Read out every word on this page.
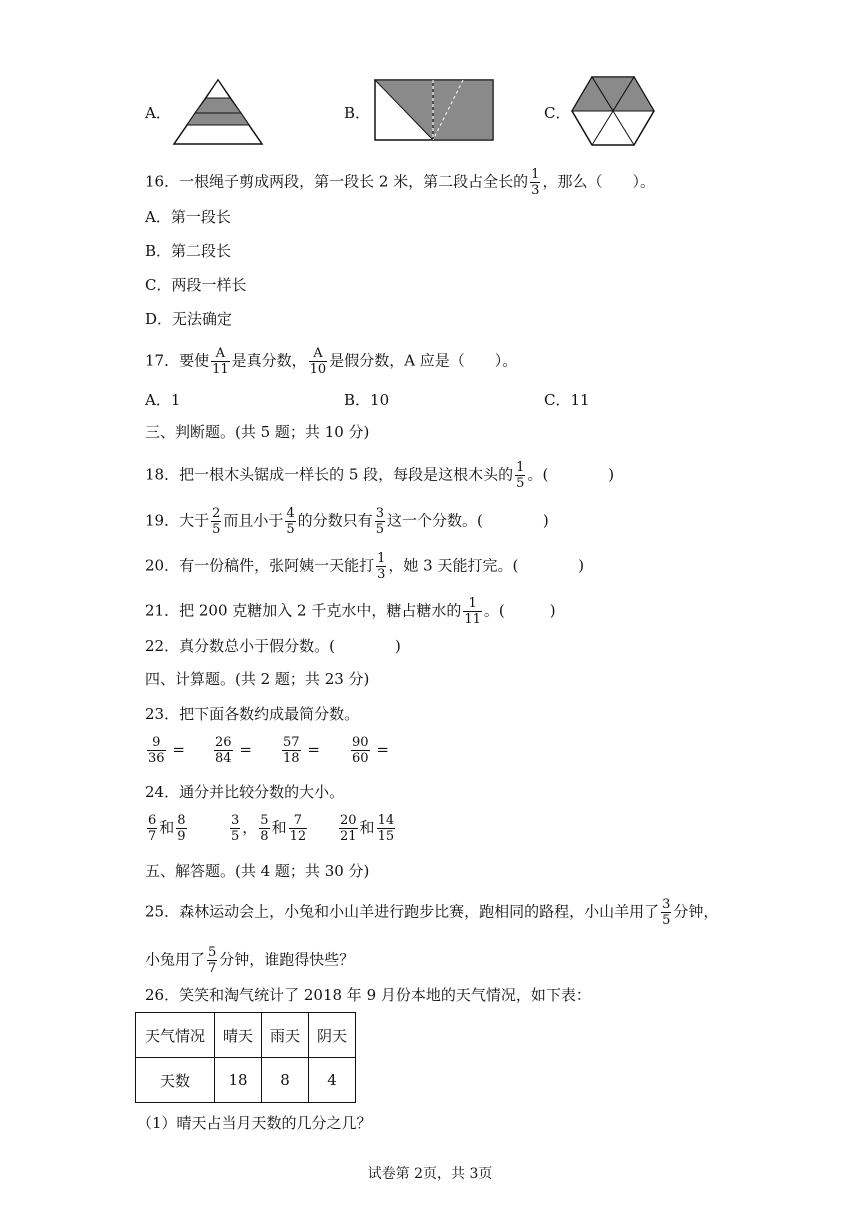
A．	B．	C．
16．一根绳子剪成两段，第一段长 2 米，第二段占全长的 $\frac{1}{3}$ ，那么（　　）。
A．第一段长
B．第二段长
C．两段一样长
D．无法确定
17．要使 $\frac{A}{11}$ 是真分数， $\frac{A}{10}$ 是假分数，A 应是（　　）。
A．1	B．10	C．11
三、判断题。(共 5 题；共 10 分)
18．把一根木头锯成一样长的 5 段，每段是这根木头的 $\frac{1}{5}$ 。(　　　　)
19．大于 $\frac{2}{5}$ 而且小于 $\frac{4}{5}$ 的分数只有 $\frac{3}{5}$ 这一个分数。(　　　　)
20．有一份稿件，张阿姨一天能打 $\frac{1}{3}$ ，她 3 天能打完。(　　　　)
21．把 200 克糖加入 2 千克水中，糖占糖水的 $\frac{1}{11}$ 。(　　　)
22．真分数总小于假分数。(　　　　)
四、计算题。(共 2 题；共 23 分)
23．把下面各数约成最简分数。
$\frac{9}{36} = \frac{26}{84} = \frac{57}{18} = \frac{90}{60}$ =
24．通分并比较分数的大小。
$\frac{6}{7}$ 和 $\frac{8}{9}$	$\frac{3}{5}$ ， $\frac{5}{8}$ 和 $\frac{7}{12} \frac{20}{21}$ 和 $\frac{14}{15}$
五、解答题。(共 4 题；共 30 分)
25．森林运动会上，小兔和小山羊进行跑步比赛，跑相同的路程，小山羊用了 $\frac{3}{5}$ 分钟，
小兔用了 $\frac{5}{7}$ 分钟，谁跑得快些？
26．笑笑和淘气统计了 2018 年 9 月份本地的天气情况，如下表：
天气情况	晴天	雨天	阴天
天数	18	8	4
（1）晴天占当月天数的几分之几？
试卷第 2页，共 3页
